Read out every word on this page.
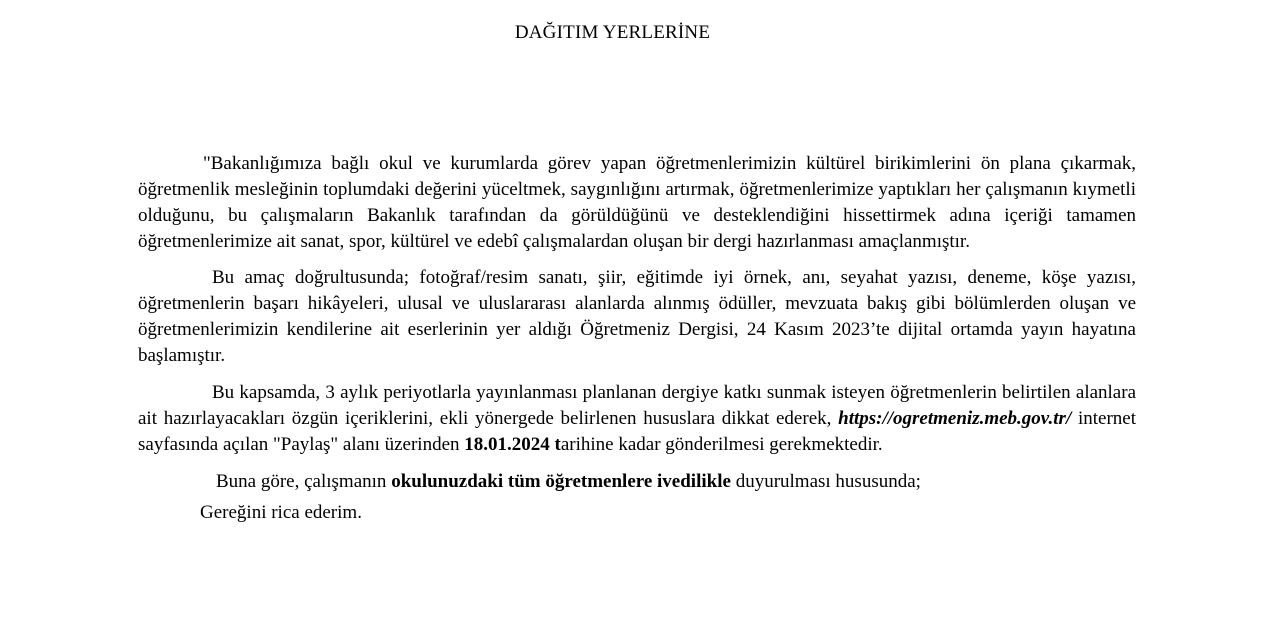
DAĞITIM YERLERİNE

"Bakanlığımıza bağlı okul ve kurumlarda görev yapan öğretmenlerimizin kültürel birikimlerini ön plana çıkarmak, öğretmenlik mesleğinin toplumdaki değerini yüceltmek, saygınlığını artırmak, öğretmenlerimize yaptıkları her çalışmanın kıymetli olduğunu, bu çalışmaların Bakanlık tarafından da görüldüğünü ve desteklendiğini hissettirmek adına içeriği tamamen öğretmenlerimize ait sanat, spor, kültürel ve edebî çalışmalardan oluşan bir dergi hazırlanması amaçlanmıştır.

Bu amaç doğrultusunda; fotoğraf/resim sanatı, şiir, eğitimde iyi örnek, anı, seyahat yazısı, deneme, köşe yazısı, öğretmenlerin başarı hikâyeleri, ulusal ve uluslararası alanlarda alınmış ödüller, mevzuata bakış gibi bölümlerden oluşan ve öğretmenlerimizin kendilerine ait eserlerinin yer aldığı Öğretmeniz Dergisi, 24 Kasım 2023’te dijital ortamda yayın hayatına başlamıştır.

Bu kapsamda, 3 aylık periyotlarla yayınlanması planlanan dergiye katkı sunmak isteyen öğretmenlerin belirtilen alanlara ait hazırlayacakları özgün içeriklerini, ekli yönergede belirlenen hususlara dikkat ederek, https://ogretmeniz.meb.gov.tr/ internet sayfasında açılan "Paylaş" alanı üzerinden 18.01.2024 tarihine kadar gönderilmesi gerekmektedir.

Buna göre, çalışmanın okulunuzdaki tüm öğretmenlere ivedilikle duyurulması hususunda;

Gereğini rica ederim.
